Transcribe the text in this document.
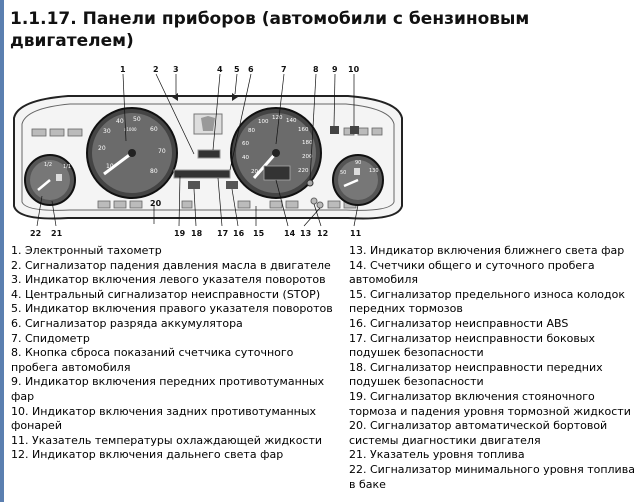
1.1.17. Панели приборов (автомобили с бензиновым двигателем)
10
20
30
40 50
60
70
80
x1000
20
40
60
80
100
120 140
160
180
200
220
1/2 1/1
50
90
130
1	2 3	4 5 6	7	8 9 10
22 21
20
19 18 17 16 15 14 13 12	11
1. Электронный тахометр
2. Сигнализатор падения давления масла в двигателе
3. Индикатор включения левого указателя поворотов
4. Центральный сигнализатор неисправности (STOP)
5. Индикатор включения правого указателя поворотов
6. Сигнализатор разряда аккумулятора
7. Спидометр
8. Кнопка сброса показаний счетчика суточного пробега автомобиля
9. Индикатор включения передних противотуманных фар
10. Индикатор включения задних противотуманных фонарей
11. Указатель температуры охлаждающей жидкости
12. Индикатор включения дальнего света фар
13. Индикатор включения ближнего света фар
14. Счетчики общего и суточного пробега автомобиля
15. Сигнализатор предельного износа колодок передних тормозов
16. Сигнализатор неисправности ABS
17. Сигнализатор неисправности боковых подушек безопасности
18. Сигнализатор неисправности передних подушек безопасности
19. Сигнализатор включения стояночного тормоза и падения уровня тормозной жидкости
20. Сигнализатор автоматической бортовой системы диагностики двигателя
21. Указатель уровня топлива
22. Сигнализатор минимального уровня топлива в баке
